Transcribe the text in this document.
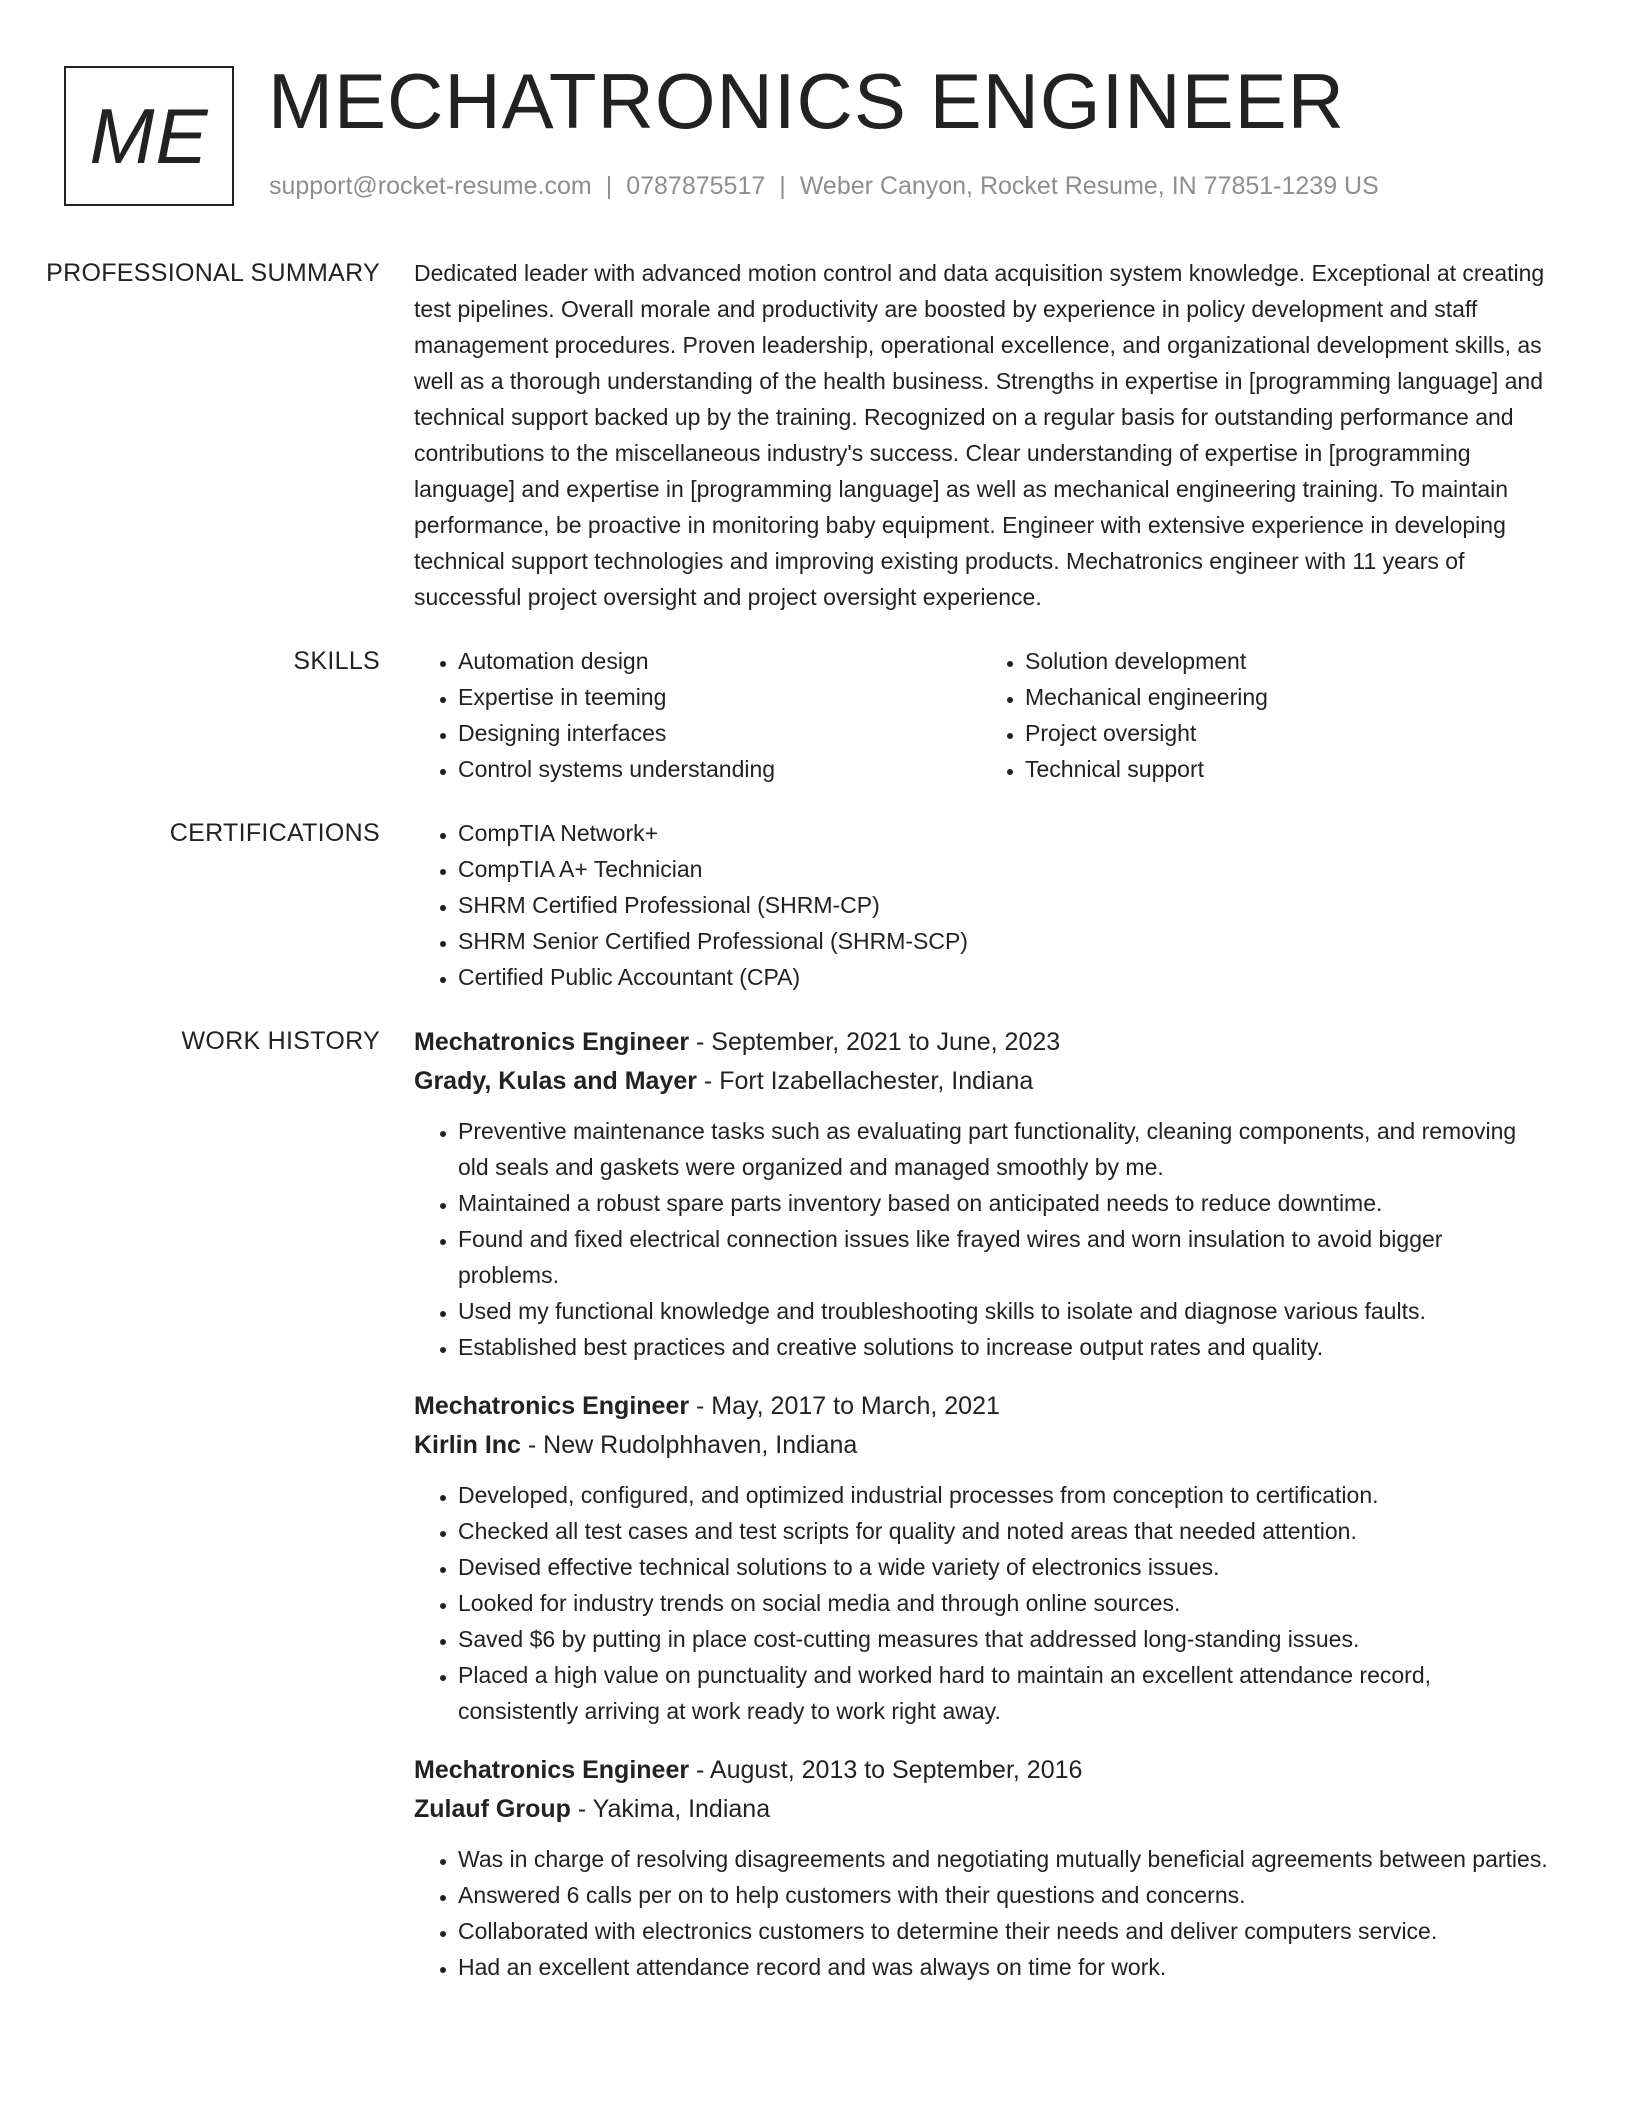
ME MECHATRONICS ENGINEER
support@rocket-resume.com | 0787875517 | Weber Canyon, Rocket Resume, IN 77851-1239 US
PROFESSIONAL SUMMARY	Dedicated leader with advanced motion control and data acquisition system knowledge. Exceptional at creating test pipelines. Overall morale and productivity are boosted by experience in policy development and staff management procedures. Proven leadership, operational excellence, and organizational development skills, as well as a thorough understanding of the health business. Strengths in expertise in [programming language] and technical support backed up by the training. Recognized on a regular basis for outstanding performance and contributions to the miscellaneous industry's success. Clear understanding of expertise in [programming language] and expertise in [programming language] as well as mechanical engineering training. To maintain performance, be proactive in monitoring baby equipment. Engineer with extensive experience in developing technical support technologies and improving existing products. Mechatronics engineer with 11 years of successful project oversight and project oversight experience.
SKILLS	• Automation design
• Expertise in teeming
• Designing interfaces
• Control systems understanding
• Solution development
• Mechanical engineering
• Project oversight
• Technical support
CERTIFICATIONS	• CompTIA Network+
• CompTIA A+ Technician
• SHRM Certified Professional (SHRM-CP)
• SHRM Senior Certified Professional (SHRM-SCP)
• Certified Public Accountant (CPA)
WORK HISTORY	Mechatronics Engineer - September, 2021 to June, 2023
Grady, Kulas and Mayer - Fort Izabellachester, Indiana
• Preventive maintenance tasks such as evaluating part functionality, cleaning components, and removing old seals and gaskets were organized and managed smoothly by me.
• Maintained a robust spare parts inventory based on anticipated needs to reduce downtime.
• Found and fixed electrical connection issues like frayed wires and worn insulation to avoid bigger problems.
• Used my functional knowledge and troubleshooting skills to isolate and diagnose various faults.
• Established best practices and creative solutions to increase output rates and quality.
Mechatronics Engineer - May, 2017 to March, 2021
Kirlin Inc - New Rudolphhaven, Indiana
• Developed, configured, and optimized industrial processes from conception to certification.
• Checked all test cases and test scripts for quality and noted areas that needed attention.
• Devised effective technical solutions to a wide variety of electronics issues.
• Looked for industry trends on social media and through online sources.
• Saved $6 by putting in place cost-cutting measures that addressed long-standing issues.
• Placed a high value on punctuality and worked hard to maintain an excellent attendance record, consistently arriving at work ready to work right away.
Mechatronics Engineer - August, 2013 to September, 2016
Zulauf Group - Yakima, Indiana
• Was in charge of resolving disagreements and negotiating mutually beneficial agreements between parties.
• Answered 6 calls per on to help customers with their questions and concerns.
• Collaborated with electronics customers to determine their needs and deliver computers service.
• Had an excellent attendance record and was always on time for work.
